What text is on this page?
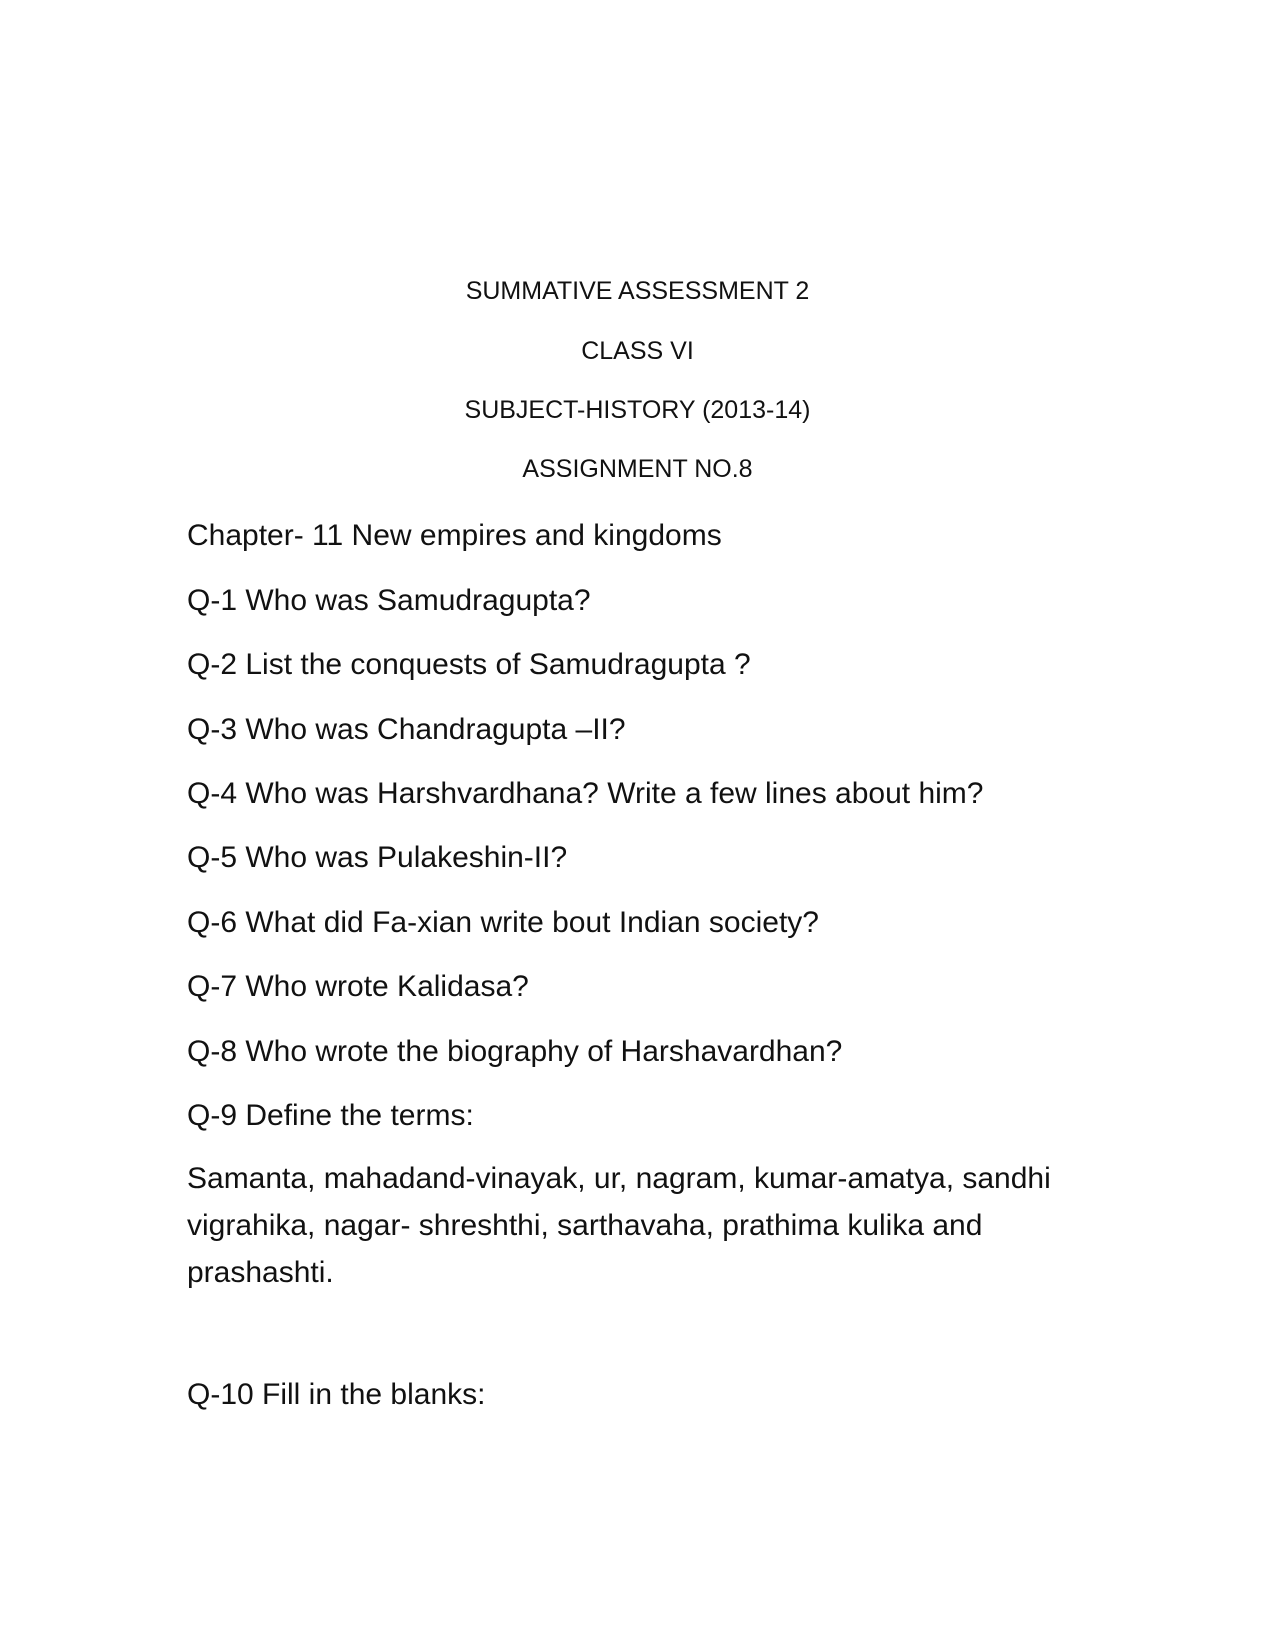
SUMMATIVE ASSESSMENT 2
CLASS VI
SUBJECT-HISTORY (2013-14)
ASSIGNMENT NO.8
Chapter- 11 New empires and kingdoms
Q-1 Who was Samudragupta?
Q-2 List the conquests of Samudragupta ?
Q-3 Who was Chandragupta –II?
Q-4 Who was Harshvardhana? Write a few lines about him?
Q-5 Who was Pulakeshin-II?
Q-6 What did Fa-xian write bout Indian society?
Q-7 Who wrote Kalidasa?
Q-8 Who wrote the biography of Harshavardhan?
Q-9 Define the terms:
Samanta, mahadand-vinayak, ur, nagram, kumar-amatya, sandhi vigrahika, nagar- shreshthi, sarthavaha, prathima kulika and prashashti.
Q-10 Fill in the blanks:
